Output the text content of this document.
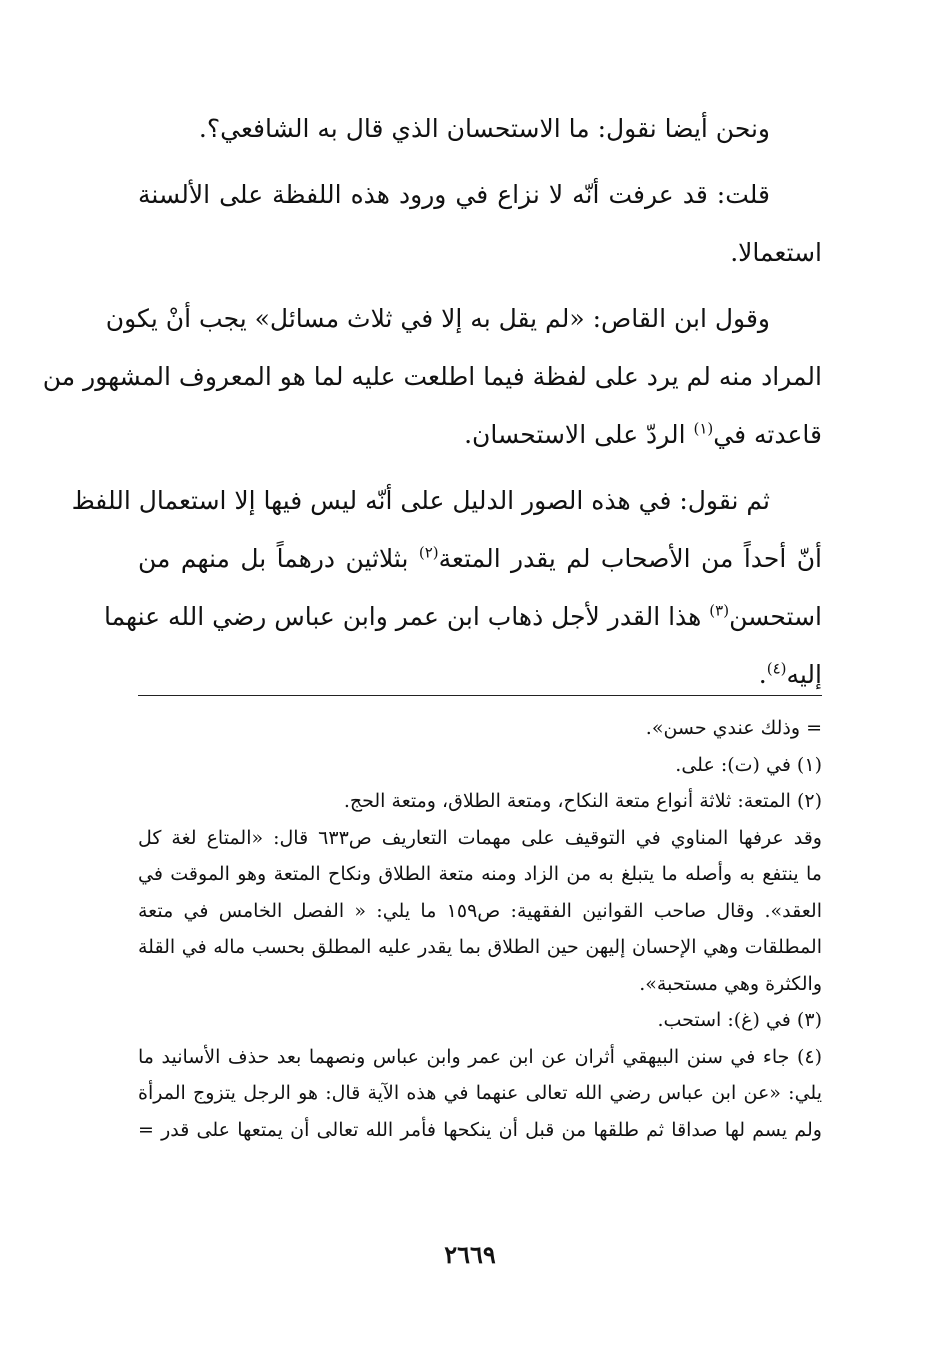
ونحن أيضا نقول: ما الاستحسان الذي قال به الشافعي؟.
قلت: قد عرفت أنّه لا نزاع في ورود هذه اللفظة على الألسنة
استعمالا.
وقول ابن القاص: «لم يقل به إلا في ثلاث مسائل» يجب أنْ يكون
المراد منه لم يرد على لفظة فيما اطلعت عليه لما هو المعروف المشهور من
قاعدته في$^{(١)}$ الردّ على الاستحسان.
ثم نقول: في هذه الصور الدليل على أنّه ليس فيها إلا استعمال اللفظ
أنّ أحداً من الأصحاب لم يقدر المتعة$^{(٢)}$ بثلاثين درهماً بل منهم من
استحسن$^{(٣)}$ هذا القدر لأجل ذهاب ابن عمر وابن عباس رضي الله عنهما
إليه$^{(٤)}$.
= وذلك عندي حسن».
(١) في (ت): على.
(٢) المتعة: ثلاثة أنواع متعة النكاح، ومتعة الطلاق، ومتعة الحج.
وقد عرفها المناوي في التوقيف على مهمات التعاريف ص٦٣٣ قال: «المتاع لغة كل
ما ينتفع به وأصله ما يتبلغ به من الزاد ومنه متعة الطلاق ونكاح المتعة وهو الموقت في
العقد». وقال صاحب القوانين الفقهية: ص١٥٩ ما يلي: « الفصل الخامس في متعة
المطلقات وهي الإحسان إليهن حين الطلاق بما يقدر عليه المطلق بحسب ماله في القلة
والكثرة وهي مستحبة».
(٣) في (غ): استحب.
(٤) جاء في سنن البيهقي أثران عن ابن عمر وابن عباس ونصهما بعد حذف الأسانيد ما
يلي: «عن ابن عباس رضي الله تعالى عنهما في هذه الآية قال: هو الرجل يتزوج المرأة
ولم يسم لها صداقا ثم طلقها من قبل أن ينكحها فأمر الله تعالى أن يمتعها على قدر =
٢٦٦٩
